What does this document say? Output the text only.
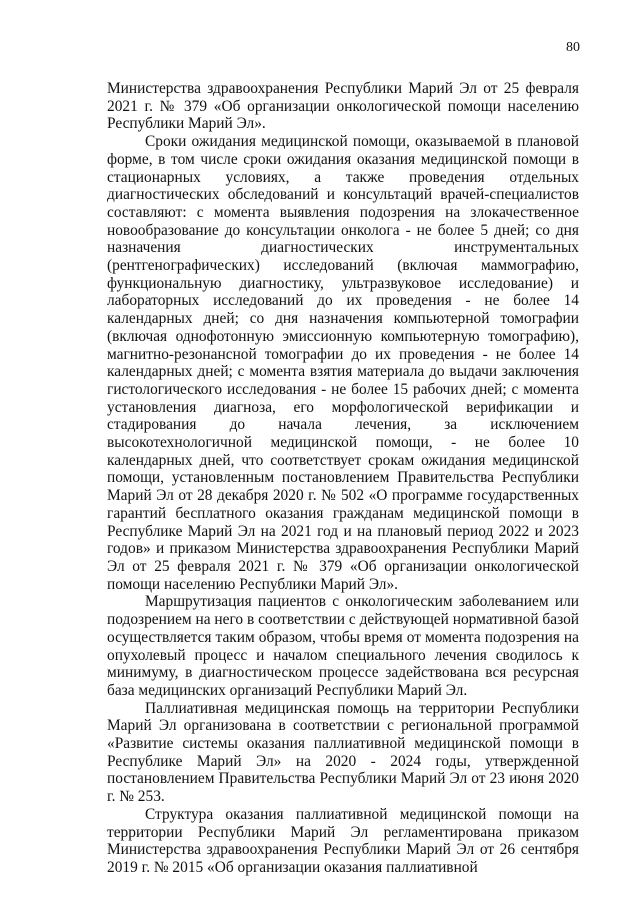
80

Министерства здравоохранения Республики Марий Эл от 25 февраля 2021 г. № 379 «Об организации онкологической помощи населению Республики Марий Эл».

Сроки ожидания медицинской помощи, оказываемой в плановой форме, в том числе сроки ожидания оказания медицинской помощи в стационарных условиях, а также проведения отдельных диагностических обследований и консультаций врачей-специалистов составляют: с момента выявления подозрения на злокачественное новообразование до консультации онколога - не более 5 дней; со дня назначения диагностических инструментальных (рентгенографических) исследований (включая маммографию, функциональную диагностику, ультразвуковое исследование) и лабораторных исследований до их проведения - не более 14 календарных дней; со дня назначения компьютерной томографии (включая однофотонную эмиссионную компьютерную томографию), магнитно-резонансной томографии до их проведения - не более 14 календарных дней; с момента взятия материала до выдачи заключения гистологического исследования - не более 15 рабочих дней; с момента установления диагноза, его морфологической верификации и стадирования до начала лечения, за исключением высокотехнологичной медицинской помощи, - не более 10 календарных дней, что соответствует срокам ожидания медицинской помощи, установленным постановлением Правительства Республики Марий Эл от 28 декабря 2020 г. № 502 «О программе государственных гарантий бесплатного оказания гражданам медицинской помощи в Республике Марий Эл на 2021 год и на плановый период 2022 и 2023 годов» и приказом Министерства здравоохранения Республики Марий Эл от 25 февраля 2021 г. № 379 «Об организации онкологической помощи населению Республики Марий Эл».

Маршрутизация пациентов с онкологическим заболеванием или подозрением на него в соответствии с действующей нормативной базой осуществляется таким образом, чтобы время от момента подозрения на опухолевый процесс и началом специального лечения сводилось к минимуму, в диагностическом процессе задействована вся ресурсная база медицинских организаций Республики Марий Эл.

Паллиативная медицинская помощь на территории Республики Марий Эл организована в соответствии с региональной программой «Развитие системы оказания паллиативной медицинской помощи в Республике Марий Эл» на 2020 - 2024 годы, утвержденной постановлением Правительства Республики Марий Эл от 23 июня 2020 г. № 253.

Структура оказания паллиативной медицинской помощи на территории Республики Марий Эл регламентирована приказом Министерства здравоохранения Республики Марий Эл от 26 сентября 2019 г. № 2015 «Об организации оказания паллиативной
